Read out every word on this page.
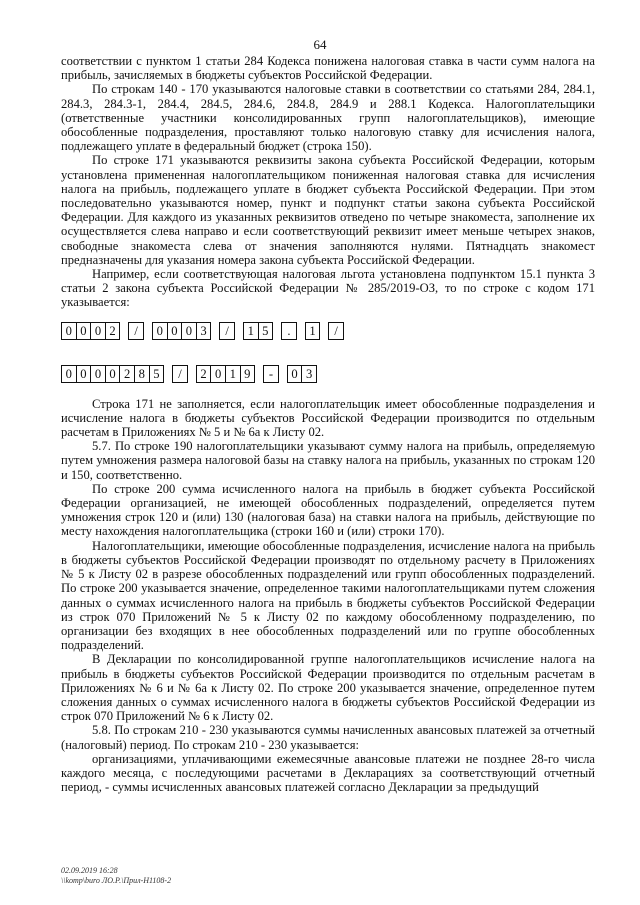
64

соответствии с пунктом 1 статьи 284 Кодекса понижена налоговая ставка в части сумм налога на прибыль, зачисляемых в бюджеты субъектов Российской Федерации.

По строкам 140 - 170 указываются налоговые ставки в соответствии со статьями 284, 284.1, 284.3, 284.3-1, 284.4, 284.5, 284.6, 284.8, 284.9 и 288.1 Кодекса. Налогоплательщики (ответственные участники консолидированных групп налогоплательщиков), имеющие обособленные подразделения, проставляют только налоговую ставку для исчисления налога, подлежащего уплате в федеральный бюджет (строка 150).

По строке 171 указываются реквизиты закона субъекта Российской Федерации, которым установлена примененная налогоплательщиком пониженная налоговая ставка для исчисления налога на прибыль, подлежащего уплате в бюджет субъекта Российской Федерации. При этом последовательно указываются номер, пункт и подпункт статьи закона субъекта Российской Федерации. Для каждого из указанных реквизитов отведено по четыре знакоместа, заполнение их осуществляется слева направо и если соответствующий реквизит имеет меньше четырех знаков, свободные знакоместа слева от значения заполняются нулями. Пятнадцать знакомест предназначены для указания номера закона субъекта Российской Федерации.

Например, если соответствующая налоговая льгота установлена подпунктом 15.1 пункта 3 статьи 2 закона субъекта Российской Федерации № 285/2019-ОЗ, то по строке с кодом 171 указывается:

0 0 0 2	/	0 0 0 3	/	1 5	.	1	/
0 0 0 0 2 8 5	/	2 0 1 9	-	0 3

Строка 171 не заполняется, если налогоплательщик имеет обособленные подразделения и исчисление налога в бюджеты субъектов Российской Федерации производится по отдельным расчетам в Приложениях № 5 и № 6а к Листу 02.

5.7. По строке 190 налогоплательщики указывают сумму налога на прибыль, определяемую путем умножения размера налоговой базы на ставку налога на прибыль, указанных по строкам 120 и 150, соответственно.

По строке 200 сумма исчисленного налога на прибыль в бюджет субъекта Российской Федерации организацией, не имеющей обособленных подразделений, определяется путем умножения строк 120 и (или) 130 (налоговая база) на ставки налога на прибыль, действующие по месту нахождения налогоплательщика (строки 160 и (или) строки 170).

Налогоплательщики, имеющие обособленные подразделения, исчисление налога на прибыль в бюджеты субъектов Российской Федерации производят по отдельному расчету в Приложениях № 5 к Листу 02 в разрезе обособленных подразделений или групп обособленных подразделений. По строке 200 указывается значение, определенное такими налогоплательщиками путем сложения данных о суммах исчисленного налога на прибыль в бюджеты субъектов Российской Федерации из строк 070 Приложений № 5 к Листу 02 по каждому обособленному подразделению, по организации без входящих в нее обособленных подразделений или по группе обособленных подразделений.

В Декларации по консолидированной группе налогоплательщиков исчисление налога на прибыль в бюджеты субъектов Российской Федерации производится по отдельным расчетам в Приложениях № 6 и № 6а к Листу 02. По строке 200 указывается значение, определенное путем сложения данных о суммах исчисленного налога в бюджеты субъектов Российской Федерации из строк 070 Приложений № 6 к Листу 02.

5.8. По строкам 210 - 230 указываются суммы начисленных авансовых платежей за отчетный (налоговый) период. По строкам 210 - 230 указывается:

организациями, уплачивающими ежемесячные авансовые платежи не позднее 28-го числа каждого месяца, с последующими расчетами в Декларациях за соответствующий отчетный период, - суммы исчисленных авансовых платежей согласно Декларации за предыдущий

02.09.2019 16:28
\\komp\buro ЛО.Р.\Прил-Н1108-2
